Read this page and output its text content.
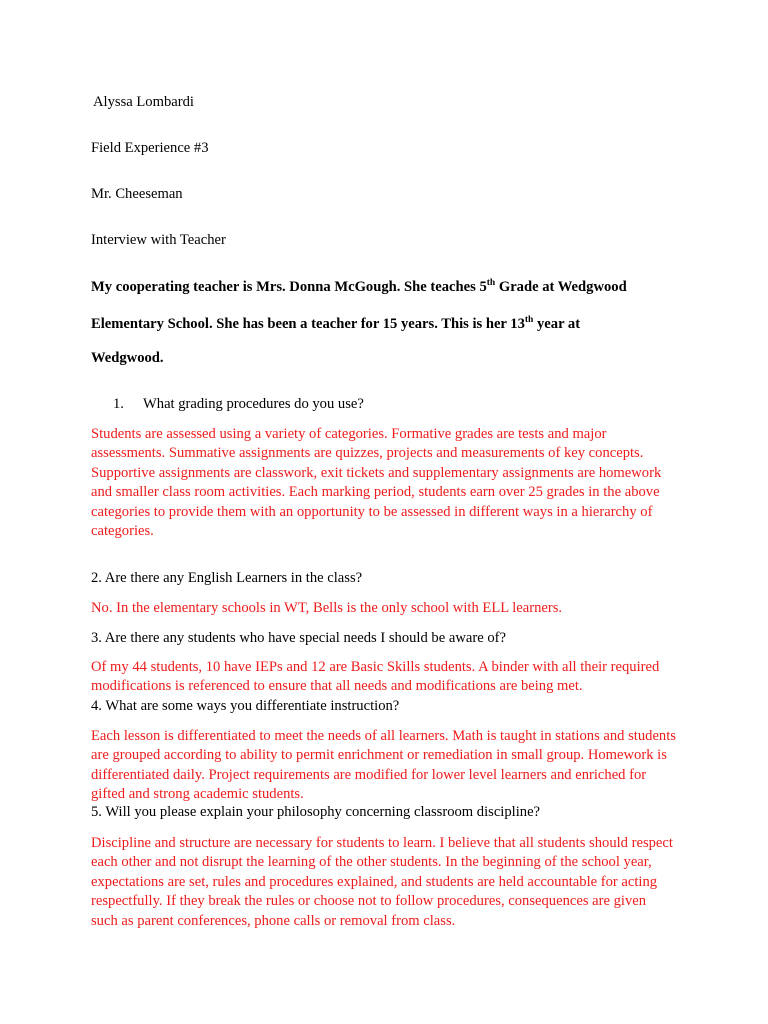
Alyssa Lombardi
Field Experience #3
Mr. Cheeseman
Interview with Teacher
My cooperating teacher is Mrs. Donna McGough. She teaches 5th Grade at Wedgwood
Elementary School. She has been a teacher for 15 years. This is her 13th year at
Wedgwood.
1. What grading procedures do you use?
Students are assessed using a variety of categories. Formative grades are tests and major assessments. Summative assignments are quizzes, projects and measurements of key concepts. Supportive assignments are classwork, exit tickets and supplementary assignments are homework and smaller class room activities. Each marking period, students earn over 25 grades in the above categories to provide them with an opportunity to be assessed in different ways in a hierarchy of categories.
2. Are there any English Learners in the class?
No. In the elementary schools in WT, Bells is the only school with ELL learners.
3. Are there any students who have special needs I should be aware of?
Of my 44 students, 10 have IEPs and 12 are Basic Skills students. A binder with all their required modifications is referenced to ensure that all needs and modifications are being met.
4. What are some ways you differentiate instruction?
Each lesson is differentiated to meet the needs of all learners. Math is taught in stations and students are grouped according to ability to permit enrichment or remediation in small group. Homework is differentiated daily. Project requirements are modified for lower level learners and enriched for gifted and strong academic students.
5. Will you please explain your philosophy concerning classroom discipline?
Discipline and structure are necessary for students to learn. I believe that all students should respect each other and not disrupt the learning of the other students. In the beginning of the school year, expectations are set, rules and procedures explained, and students are held accountable for acting respectfully. If they break the rules or choose not to follow procedures, consequences are given such as parent conferences, phone calls or removal from class.
